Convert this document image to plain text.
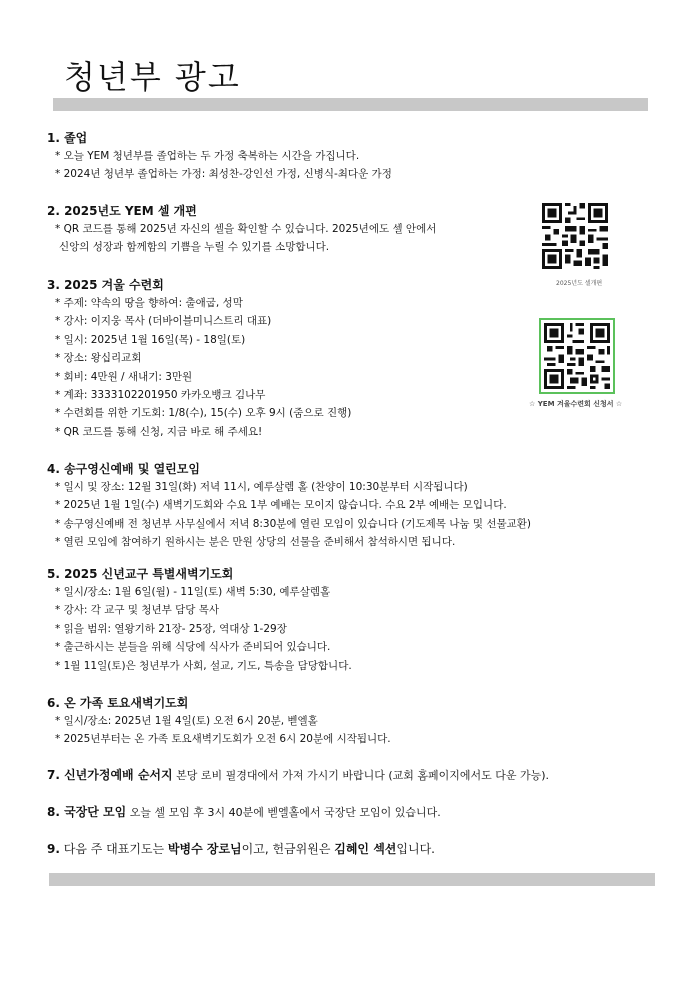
청년부 광고

1. 졸업

* 오늘 YEM 청년부를 졸업하는 두 가정 축복하는 시간을 가집니다.

* 2024년 청년부 졸업하는 가정: 최성찬-강인선 가정, 신병식-최다운 가정

2. 2025년도 YEM 셀 개편

* QR 코드를 통해 2025년 자신의 셀을 확인할 수 있습니다. 2025년에도 셀 안에서

신앙의 성장과 함께함의 기쁨을 누릴 수 있기를 소망합니다.

3. 2025 겨울 수련회

* 주제: 약속의 땅을 향하여: 출애굽, 성막

* 강사: 이지웅 목사 (더바이블미니스트리 대표)

* 일시: 2025년 1월 16일(목) - 18일(토)

* 장소: 왕십리교회

* 회비: 4만원 / 새내기: 3만원

* 계좌: 3333102201950 카카오뱅크 김나무

* 수련회를 위한 기도회: 1/8(수), 15(수) 오후 9시 (줌으로 진행)

* QR 코드를 통해 신청, 지금 바로 해 주세요!

4. 송구영신예배 및 열린모임

* 일시 및 장소: 12월 31일(화) 저녁 11시, 예루살렘 홀 (찬양이 10:30분부터 시작됩니다)

* 2025년 1월 1일(수) 새벽기도회와 수요 1부 예배는 모이지 않습니다. 수요 2부 예배는 모입니다.

* 송구영신예배 전 청년부 사무실에서 저녁 8:30분에 열린 모임이 있습니다 (기도제목 나눔 및 선물교환)

* 열린 모임에 참여하기 원하시는 분은 만원 상당의 선물을 준비해서 참석하시면 됩니다.

5. 2025 신년교구 특별새벽기도회

* 일시/장소: 1월 6일(월) - 11일(토) 새벽 5:30, 예루살렘홀

* 강사: 각 교구 및 청년부 담당 목사

* 읽을 범위: 열왕기하 21장- 25장, 역대상 1-29장

* 출근하시는 분들을 위해 식당에 식사가 준비되어 있습니다.

* 1월 11일(토)은 청년부가 사회, 설교, 기도, 특송을 담당합니다.

6. 온 가족 토요새벽기도회

* 일시/장소: 2025년 1월 4일(토) 오전 6시 20분, 벧엘홀

* 2025년부터는 온 가족 토요새벽기도회가 오전 6시 20분에 시작됩니다.

7. 신년가정예배 순서지 본당 로비 필경대에서 가져 가시기 바랍니다 (교회 홈페이지에서도 다운 가능).

8. 국장단 모임 오늘 셀 모임 후 3시 40분에 벧엘홀에서 국장단 모임이 있습니다.

9. 다음 주 대표기도는 박병수 장로님이고, 헌금위원은 김혜인 섹션입니다.

2025년도 셀개편
☆ YEM 겨울수련회 신청서 ☆
